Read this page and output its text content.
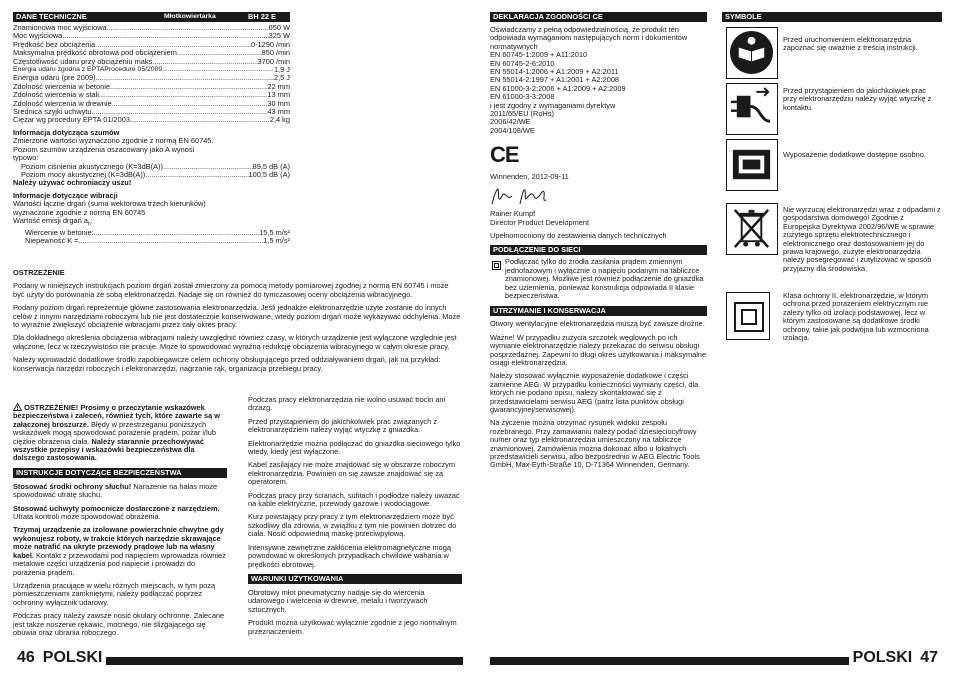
DANE TECHNICZNE	Młotkowiertarka	BH 22 E
Znamionowa moc wyjściowa .....	650 W
Moc wyjściowa .....	325 W
Prędkość bez obciążenia .....	0-1290 /min
Maksymalna prędkość obrotowa pod obciążeniem .....	850 /min
Częstotliwość udaru przy obciążeniu maks .....	3700 /min
Energia udaru zgodna z EPTAProcedure 05/2009 .....	1,9 J
Energia udaru (pre 2009) .....	2,5 J
Zdolność wiercenia w betonie .....	22 mm
Zdolność wiercenia w stali .....	13 mm
Zdolność wiercenia w drewnie .....	30 mm
Średnica szyjki uchwytu .....	43 mm
Ciężar wg procedury EPTA 01/2003 .....	2,4 kg
Informacja dotycząca szumów
Zmierzone wartości wyznaczono zgodnie z normą EN 60745.
Poziom szumów urządzenia oszacowany jako A wynosi
typowo:
Poziom ciśnienia akustycznego (K=3dB(A)) .....	89,5 dB (A)
Poziom mocy akustycznej (K=3dB(A)) .....	100,5 dB (A)
Należy używać ochroniaczy uszu!
Informacje dotyczące wibracji
Wartości łączne drgań (suma wektorowa trzech kierunków)
wyznaczone zgodnie z normą EN 60745
Wartość emisji drgań $a_h$:
Wiercenie w betonie: .....	15,5 m/s²
Niepewność K = .....	1,5 m/s²
OSTRZEŻENIE

Podany w niniejszych instrukcjach poziom drgań został zmierzony za pomocą metody pomiarowej zgodnej z normą EN 60745 i może być użyty do porównania ze sobą elektronarzędzi. Nadaje się on również do tymczasowej oceny obciążenia wibracyjnego.

Podany poziom drgań reprezentuje główne zastosowania elektronarzędzia. Jeśli jednakże elektronarzędzie użyte zostanie do innych celów z innymi narzędziami roboczymi lub nie jest dostatecznie konserwowane, wtedy poziom drgań może wykazywać odchylenia. Może to wyraźnie zwiększyć obciążenie wibracjami przez cały okres pracy.

Dla dokładnego określenia obciążenia wibracjami należy uwzględnić również czasy, w których urządzenie jest wyłączone względnie jest włączone, lecz w rzeczywistości nie pracuje. Może to spowodować wyraźną redukcję obciążenia wibracyjnego w całym okresie pracy.

Należy wprowadzić dodatkowe środki zapobiegawcze celem ochrony obsługującego przed oddziaływaniem drgań, jak na przykład: konserwacja narzędzi roboczych i elektronarzędzi, nagrzanie rąk, organizacja przebiegu pracy.

OSTRZEŻENIE! Prosimy o przeczytanie wskazówek bezpieczeństwa i zaleceń, również tych, które zawarte są w załączonej broszurze. Błędy w przestrzeganiu poniższych wskazówek mogą spowodować porażenie prądem, pożar i/lub ciężkie obrażenia ciała. Należy starannie przechowywać wszystkie przepisy i wskazówki bezpieczeństwa dla dalszego zastosowania.

INSTRUKCJE DOTYCZĄCE BEZPIECZEŃSTWA

Stosować środki ochrony słuchu! Narażenie na hałas może spowodować utratę słuchu.

Stosować uchwyty pomocnicze dostarczone z narzędziem. Utrata kontroli może spowodować obrażenia.

Trzymaj urządzenie za izolowane powierzchnie chwytne gdy wykonujesz roboty, w trakcie których narzędzie skrawające może natrafić na ukryte przewody prądowe lub na własny kabel. Kontakt z przewodami pod napięciem wprowadza również metalowe części urządzenia pod napięcie i prowadzi do porażenia prądem.

Urządzenia pracujące w wielu różnych miejscach, w tym pozą pomieszczeniami zamkniętymi, należy podłączać poprzez ochronny wyłącznik udarowy.

Podczas pracy należy zawsze nosić okulary ochronne. Zalecane jest także noszenie rękawic, mocnego, nie ślizgającego się obuwia oraz ubrania roboczego.

Podczas pracy elektronarzędzia nie wolno usuwać trocin ani drzazg.

Przed przystąpieniem do jakichkolwiek prac związanych z elektronarzędziem należy wyjąć wtyczkę z gniazdka.

Elektronarzędzie można podłączać do gniazdka sieciowego tylko wtedy, kiedy jest wyłączone.

Kabel zasilający nie może znajdować się w obszarze roboczym elektronarzędzia. Powinien on się zawsze znajdować się za operatorem.

Podczas pracy przy ścianach, sufitach i podłodze należy uważać na kable elektryczne, przewody gazowe i wodociągowe.

Kurz powstający przy pracy z tym elektronarzędziem może być szkodliwy dla zdrowia, w związku z tym nie powinien dotrzeć do ciała. Nosić odpowiednią maskę przeciwpyłową.

Intensywne zewnętrzne zakłócenia elektromagnetyczne mogą powodować w określonych przypadkach chwilowe wahania w prędkości obrotowej.

WARUNKI UŻYTKOWANIA

Obrotowy młot pneumatyczny nadaje się do wiercenia udarowego i wiercenia w drewnie, metalu i tworzywach sztucznych.

Produkt można użytkować wyłącznie zgodnie z jego normalnym przeznaczeniem.

46 POLSKI
DEKLARACJA ZGODNOŚCI CE
Oświadczamy z pełną odpowiedzialnością, że produkt ten odpowiada wymaganiom następujących norm i dokumentów normatywnych
EN 60745-1:2009 + A11:2010
EN 60745-2-6:2010
EN 55014-1:2006 + A1:2009 + A2:2011
EN 55014-2:1997 + A1:2001 + A2:2008
EN 61000-3-2:2006 + A1:2009 + A2:2009
EN 61000-3-3:2008
i jest zgodny z wymaganiami dyrektyw
2011/65/EU (RoHs)
2006/42/WE
2004/108/WE
CE
Winnenden, 2012-09-11
Rainer Kumpf
Director Product Development
Upełnomocniony do zestawienia danych technicznych
PODŁĄCZENIE DO SIECI
Podłączać tylko do źródła zasilania prądem zmiennym jednofazowym i wyłącznie o napięciu podanym na tabliczce znamionowej. Możliwe jest również podłączenie do gniazdka bez uziemienia, ponieważ konstrukcja odpowiada II klasie bezpieczeństwa.
UTRZYMANIE I KONSERWACJA

Otwory wentylacyjne elektronarzędzia muszą być zawsze drożne.

Ważne! W przypadku zużycia szczotek węglowych po ich wymianie elektronarzędzie należy przekazać do serwisu obsługi posprzedażnej. Zapewni to długi okres użytkowania i maksymalne osiągi elektronarzędzia.

Należy stosować wyłącznie wyposażenie dodatkowe i części zamienne AEG. W przypadku konieczności wymiany części, dla których nie podano opisu, należy skontaktować się z przedstawicielami serwisu AEG (patrz lista punktów obsługi gwarancyjnej/serwisowej).

Na życzenie można otrzymać rysunek widoku zespołu rozebranego. Przy zamawianiu należy podać dziesięciocyfrowy numer oraz typ elektronarzędzia umieszczony na tabliczce znamionowej. Zamówienia można dokonać albo u lokalnych przedstawicieli serwisu, albo bezpośrednio w AEG Electric Tools GmbH, Max-Eyth-Straße 10, D-71364 Winnenden, Germany.

SYMBOLE
Przed uruchomieniem elektronarzędzia zapoznać się uważnie z treścią instrukcji.
Przed przystąpieniem do jakichkolwiek prac przy elektronarzędziu należy wyjąć wtyczkę z kontaktu.
Wyposażenie dodatkowe dostępne osobno.
Nie wyrzucaj elektronarzędzi wraz z odpadami z gospodarstwa domowego! Zgodnie z Europejska Dyrektywa 2002/96/WE w sprawie zużytego sprzętu elektrotechnicznego i elektronicznego oraz dostosowaniem jej do prawa krajowego, zużyte elektronarzędzia należy posegregować i zutylizować w sposób przyjazny dla środowiska.
Klasa ochrony II, elektronarzędzie, w którym ochrona przed porażeniem elektrycznym nie zależy tylko od izolacji podstawowej, lecz w którym zastosowane są dodatkowe środki ochrony, takie jak podwójna lub wzmocniona izolacja.
POLSKI 47
